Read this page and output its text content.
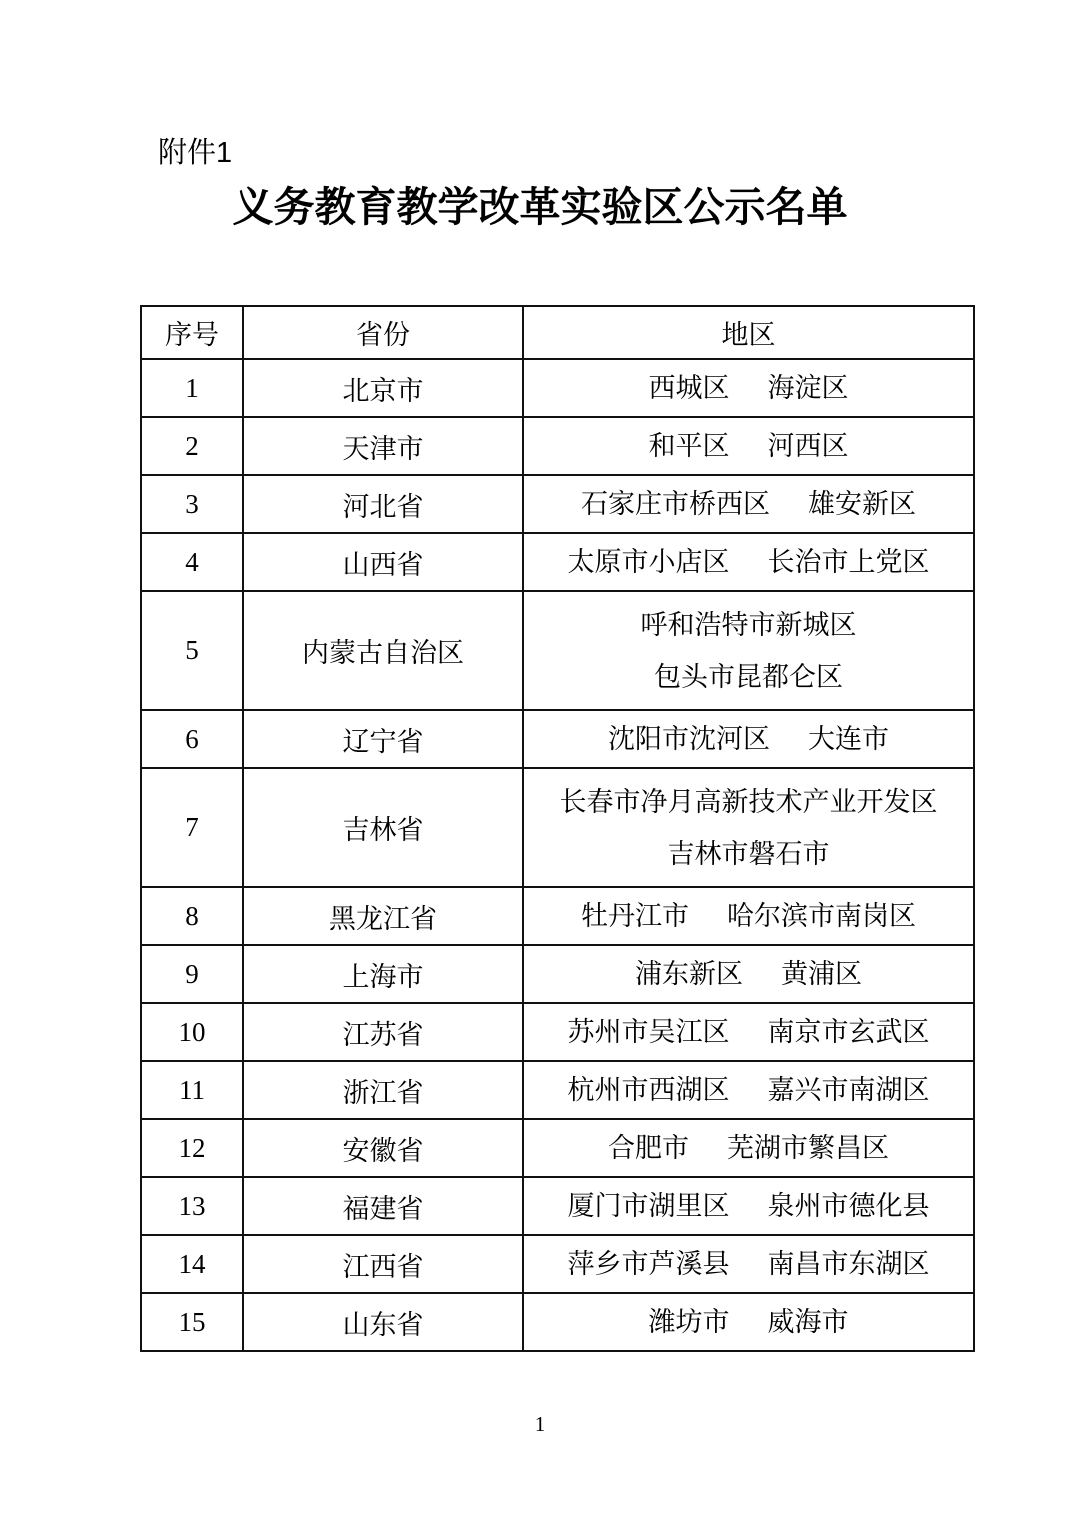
附件1
义务教育教学改革实验区公示名单
序号	省份	地区
1	北京市	西城区 海淀区

2	天津市	和平区 河西区

3	河北省	石家庄市桥西区 雄安新区

4	山西省	太原市小店区 长治市上党区

5	内蒙古自治区	呼和浩特市新城区
包头市昆都仑区

6	辽宁省	沈阳市沈河区 大连市

7	吉林省	长春市净月高新技术产业开发区
吉林市磐石市

8	黑龙江省	牡丹江市 哈尔滨市南岗区

9	上海市	浦东新区 黄浦区

10	江苏省	苏州市吴江区 南京市玄武区

11	浙江省	杭州市西湖区 嘉兴市南湖区

12	安徽省	合肥市 芜湖市繁昌区

13	福建省	厦门市湖里区 泉州市德化县

14	江西省	萍乡市芦溪县 南昌市东湖区

15	山东省	潍坊市 威海市
1
